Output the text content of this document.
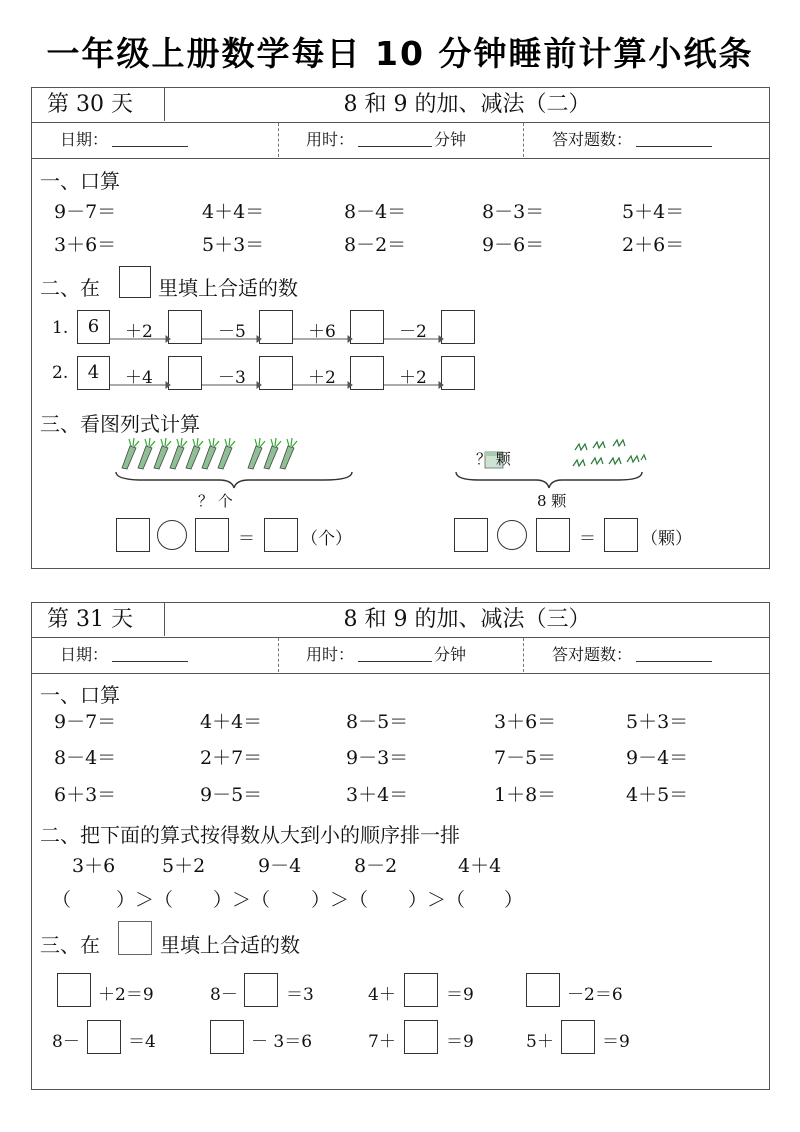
一年级上册数学每日 10 分钟睡前计算小纸条
第 30 天	8 和 9 的加、减法（二）
日期：	用时：	分钟	答对题数：
一、口算
9－7＝	4＋4＝	8－4＝	8－3＝	5＋4＝
3＋6＝	5＋3＝	8－2＝	9－6＝	2＋6＝
二、在	里填上合适的数
1.	6	＋2	－5	＋6	－2
2.	4	＋4	－3	＋2	＋2
三、看图列式计算
？ 个
＝	（个）
？ 颗
8 颗
＝	（颗）
第 31 天	8 和 9 的加、减法（三）
日期：	用时：	分钟	答对题数：
一、口算
9－7＝	4＋4＝	8－5＝	3＋6＝	5＋3＝
8－4＝	2＋7＝	9－3＝	7－5＝	9－4＝
6＋3＝	9－5＝	3＋4＝	1＋8＝	4＋5＝
二、把下面的算式按得数从大到小的顺序排一排
3＋6 5＋2	9－4	8－2	4＋4
（ ）＞（ ）＞（ ）＞（ ）＞（ ）
三、在	里填上合适的数
＋2＝9	8－	＝3	4＋	＝9	－2＝6
8－	＝4	－ 3＝6	7＋	＝9	5＋	＝9
